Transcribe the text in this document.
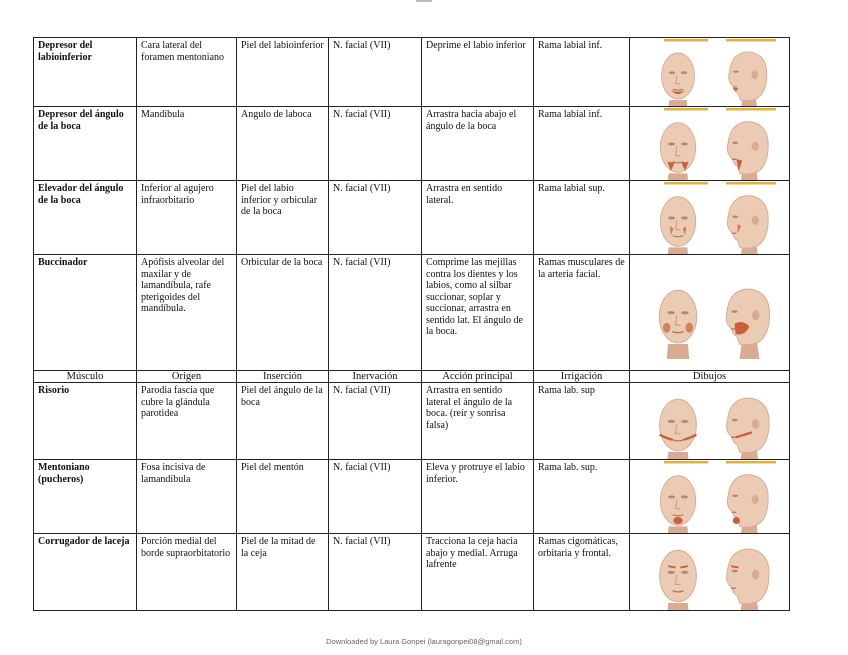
Depresor del labioinferior	Cara lateral del foramen mentoniano	Piel del labioinferior	N. facial (VII)	Deprime el labio inferior	Rama labial inf.	

Depresor del ángulo de la boca	Mandíbula	Angulo de laboca	N. facial (VII)	Arrastra hacia abajo el ángulo de la boca	Rama labial inf.	

Elevador del ángulo de la boca	Inferior al agujero infraorbitario	Piel del labio inferior y orbicular de la boca	N. facial (VII)	Arrastra en sentido lateral.	Rama labial sup.	

Buccinador	Apófisis alveolar del maxilar y de lamandíbula, rafe pterigoides del mandíbula.	Orbicular de la boca	N. facial (VII)	Comprime las mejillas contra los dientes y los labios, como al silbar succionar, soplar y succionar, arrastra en sentido lat. El ángulo de la boca.	Ramas musculares de la arteria facial.	

Músculo	Origen	Inserción	Inervación	Acción principal	Irrigación	Dibujos
Risorio	Parodia fascia que cubre la glándula parotidea	Piel del ángulo de la boca	N. facial (VII)	Arrastra en sentido lateral el ángulo de la boca. (reír y sonrisa falsa)	Rama lab. sup	

Mentoniano (pucheros)	Fosa incisiva de lamandíbula	Piel del mentón	N. facial (VII)	Eleva y protruye el labio inferior.	Rama lab. sup.	

Corrugador de laceja	Porción medial del borde supraorbitatorio	Piel de la mitad de la ceja	N. facial (VII)	Tracciona la ceja hacia abajo y medial. Arruga lafrente	Ramas cigomáticas, orbitaria y frontal.	
Downloaded by Laura Gonpei (lauragonpei08@gmail.com)
